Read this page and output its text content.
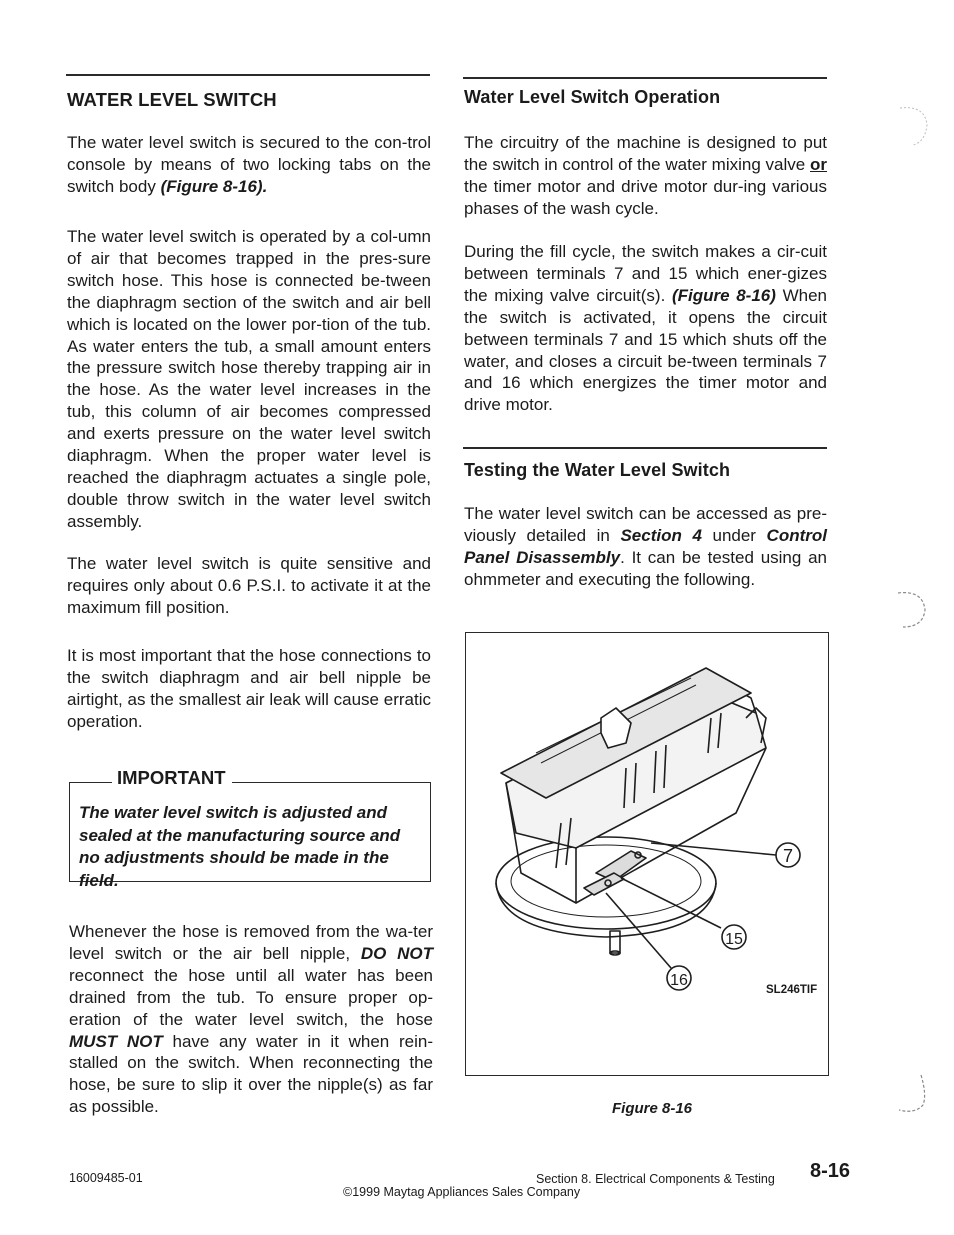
WATER LEVEL SWITCH

The water level switch is secured to the con-trol console by means of two locking tabs on the switch body (Figure 8-16).

The water level switch is operated by a col-umn of air that becomes trapped in the pres-sure switch hose. This hose is connected be-tween the diaphragm section of the switch and air bell which is located on the lower por-tion of the tub. As water enters the tub, a small amount enters the pressure switch hose thereby trapping air in the hose. As the water level increases in the tub, this column of air becomes compressed and exerts pressure on the water level switch diaphragm. When the proper water level is reached the diaphragm actuates a single pole, double throw switch in the water level switch assembly.

The water level switch is quite sensitive and requires only about 0.6 P.S.I. to activate it at the maximum fill position.

It is most important that the hose connections to the switch diaphragm and air bell nipple be airtight, as the smallest air leak will cause erratic operation.

IMPORTANT

The water level switch is adjusted and sealed at the manufacturing source and no adjustments should be made in the field.

Whenever the hose is removed from the wa-ter level switch or the air bell nipple, DO NOT reconnect the hose until all water has been drained from the tub. To ensure proper op-eration of the water level switch, the hose MUST NOT have any water in it when rein-stalled on the switch. When reconnecting the hose, be sure to slip it over the nipple(s) as far as possible.

Water Level Switch Operation

The circuitry of the machine is designed to put the switch in control of the water mixing valve or the timer motor and drive motor dur-ing various phases of the wash cycle.

During the fill cycle, the switch makes a cir-cuit between terminals 7 and 15 which ener-gizes the mixing valve circuit(s). (Figure 8-16) When the switch is activated, it opens the circuit between terminals 7 and 15 which shuts off the water, and closes a circuit be-tween terminals 7 and 16 which energizes the timer motor and drive motor.

Testing the Water Level Switch

The water level switch can be accessed as pre-viously detailed in Section 4 under Control Panel Disassembly. It can be tested using an ohmmeter and executing the following.

7
15
16
SL246TIF
Figure 8-16
16009485-01	Section 8. Electrical Components & Testing
©1999 Maytag Appliances Sales Company
8-16
